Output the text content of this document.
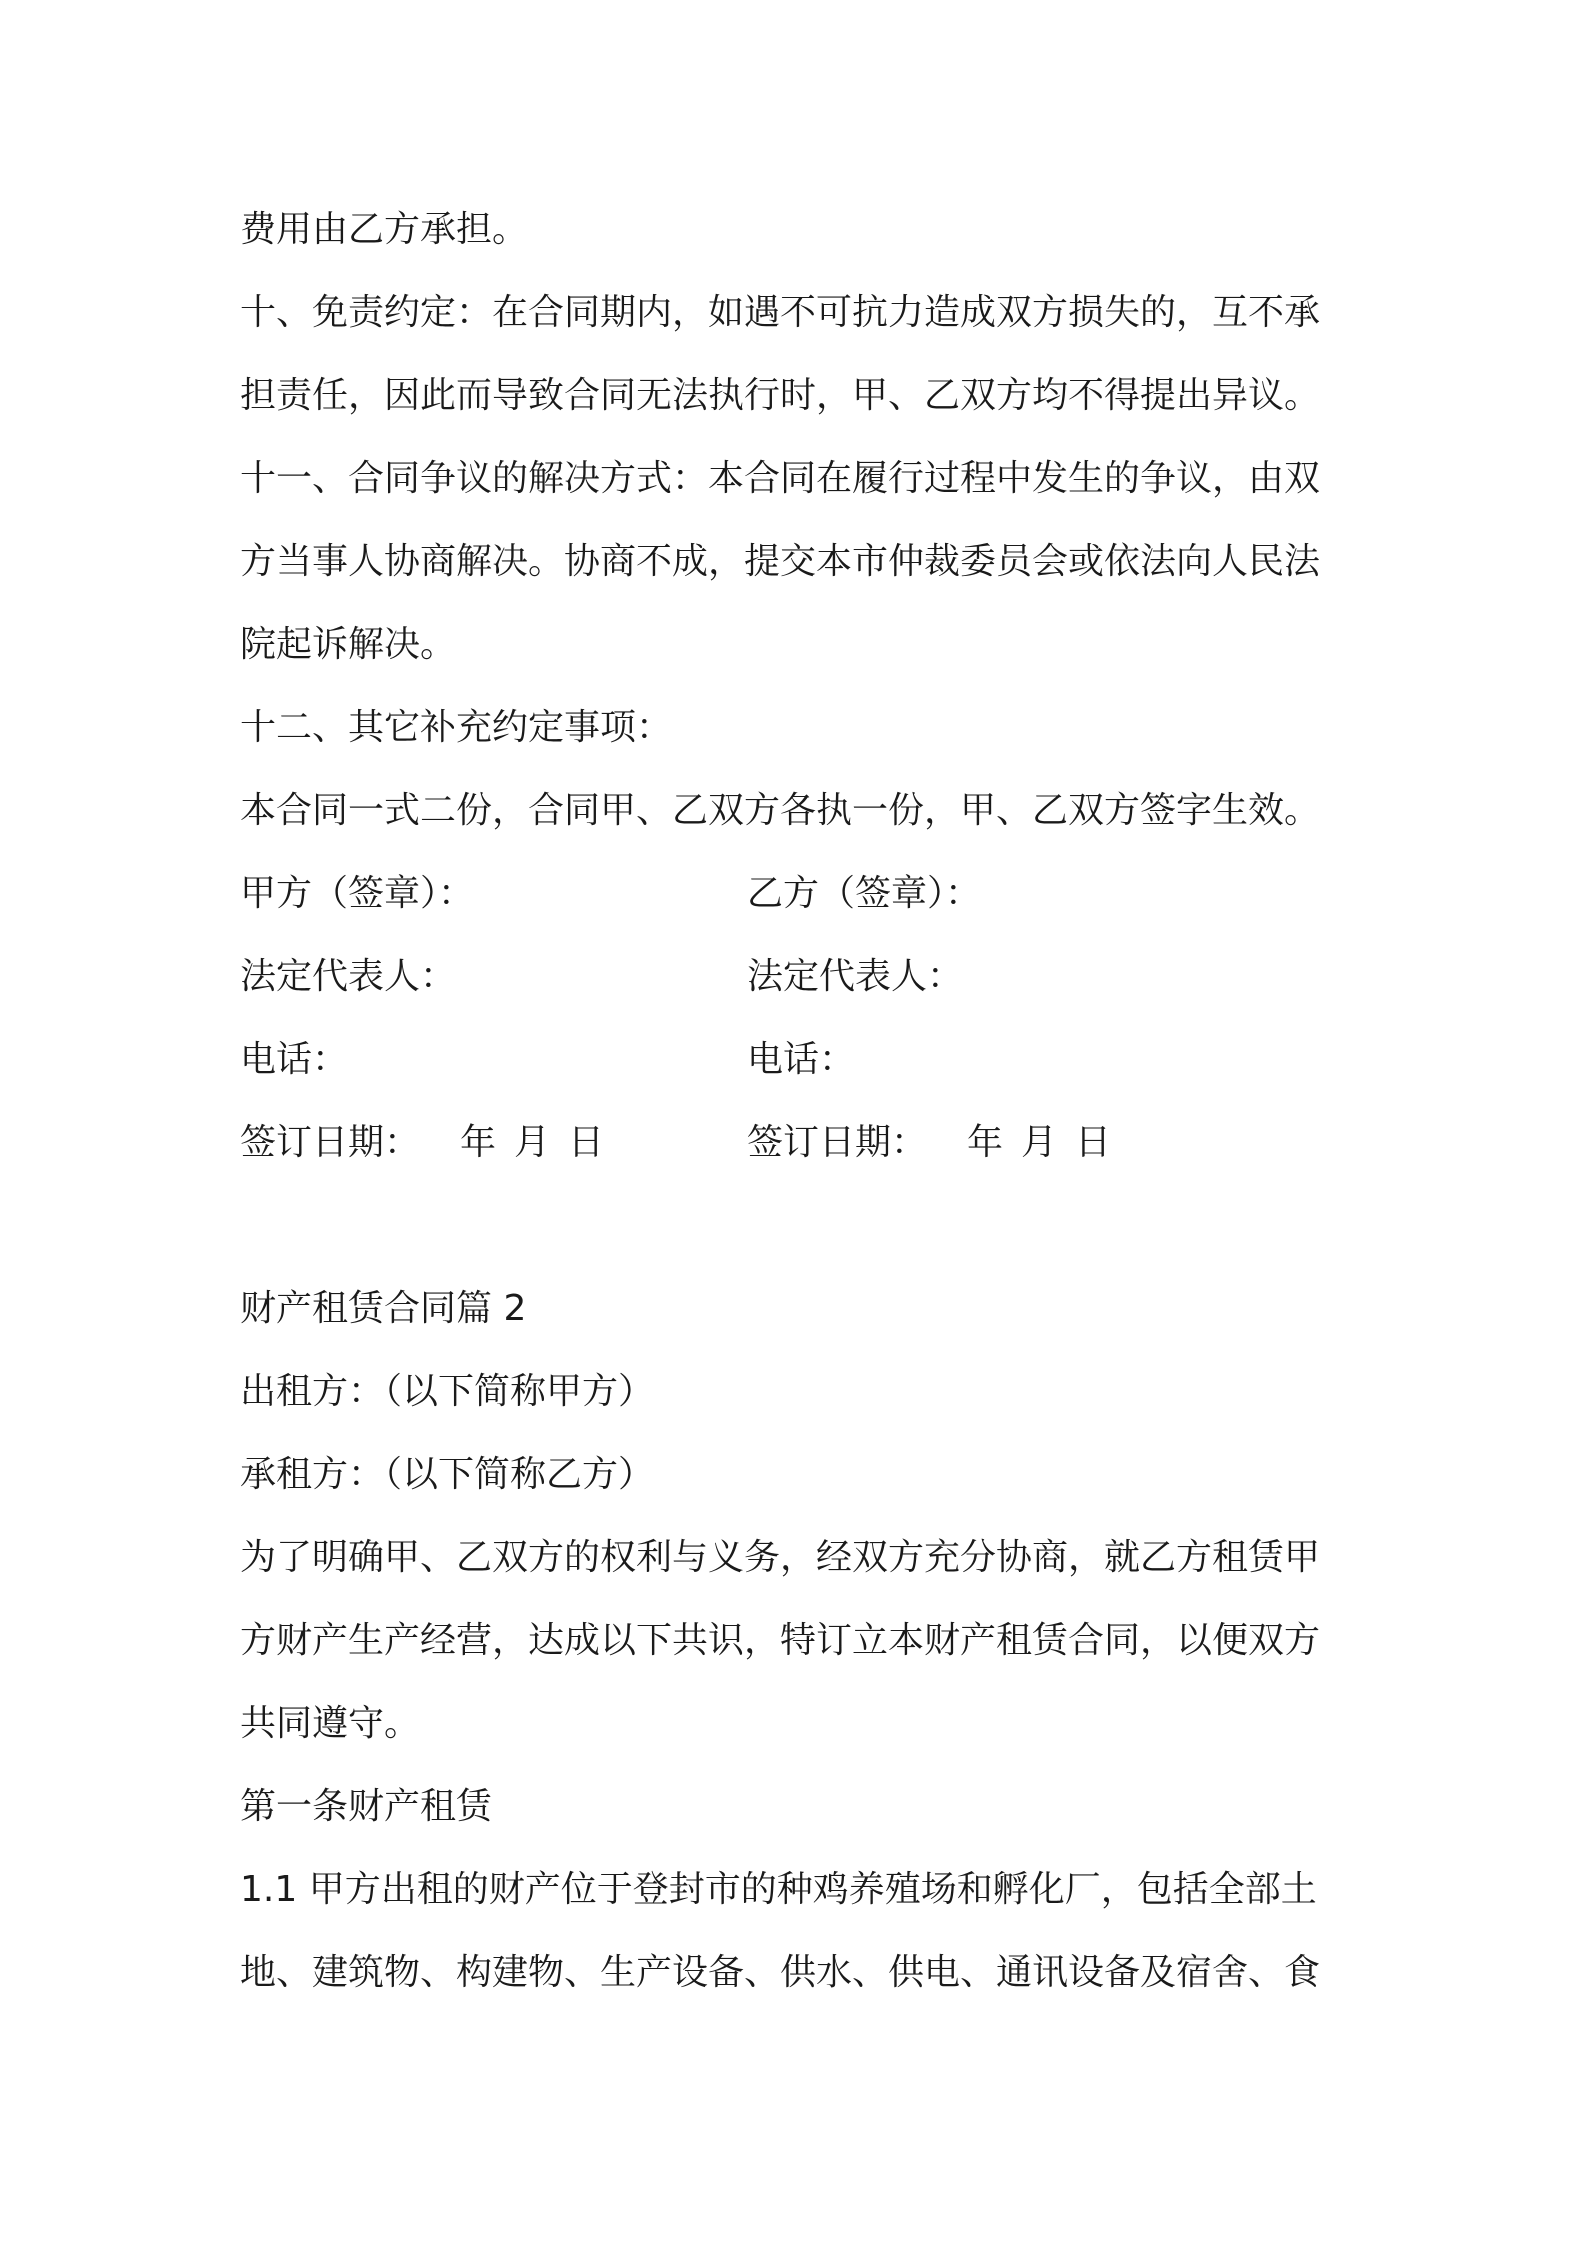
费用由乙方承担。
十、免责约定：在合同期内，如遇不可抗力造成双方损失的，互不承
担责任，因此而导致合同无法执行时，甲、乙双方均不得提出异议。
十一、合同争议的解决方式：本合同在履行过程中发生的争议，由双
方当事人协商解决。协商不成，提交本市仲裁委员会或依法向人民法
院起诉解决。
十二、其它补充约定事项：
本合同一式二份，合同甲、乙双方各执一份，甲、乙双方签字生效。
甲方（签章）：
法定代表人：
电话：
签订日期： 年 月 日
乙方（签章）：
法定代表人：
电话：
签订日期： 年 月 日
财产租赁合同篇 2
出租方：（以下简称甲方）
承租方：（以下简称乙方）
为了明确甲、乙双方的权利与义务，经双方充分协商，就乙方租赁甲
方财产生产经营，达成以下共识，特订立本财产租赁合同，以便双方
共同遵守。
第一条财产租赁
1.1 甲方出租的财产位于登封市的种鸡养殖场和孵化厂，包括全部土
地、建筑物、构建物、生产设备、供水、供电、通讯设备及宿舍、食
